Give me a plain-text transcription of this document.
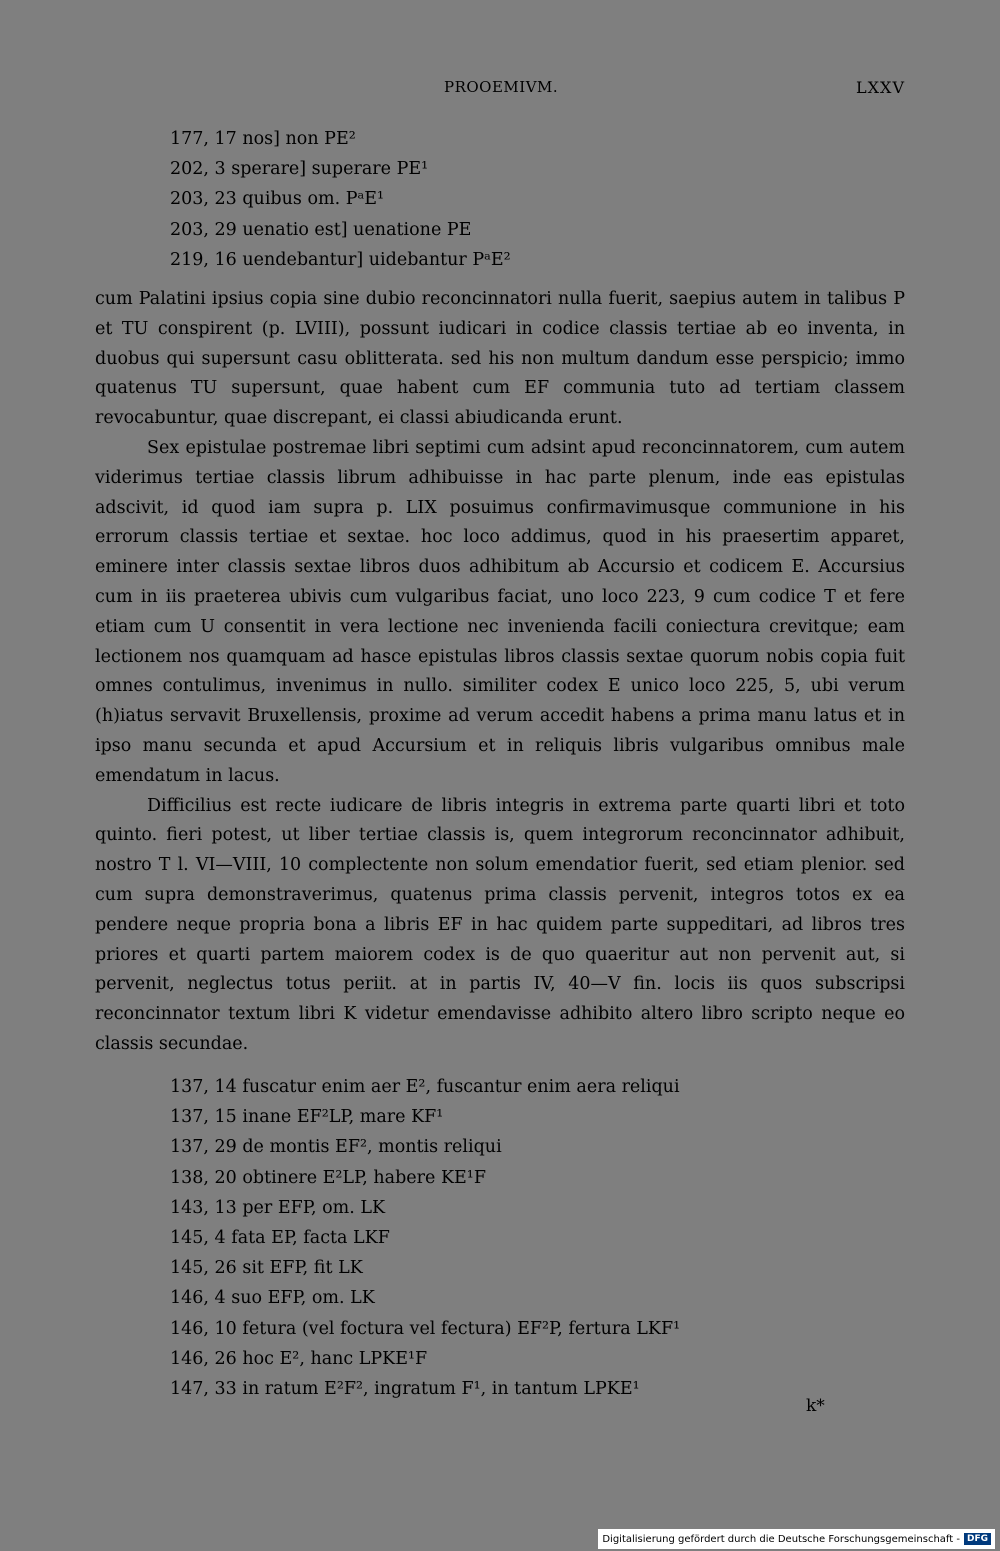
PROOEMIVM.	LXXV
177, 17 nos] non PE²
202, 3 sperare] superare PE¹
203, 23 quibus om. PᵃE¹
203, 29 uenatio est] uenatione PE
219, 16 uendebantur] uidebantur PᵃE²

cum Palatini ipsius copia sine dubio reconcinnatori nulla fuerit, saepius autem in talibus P et TU conspirent (p. LVIII), possunt iudicari in codice classis tertiae ab eo inventa, in duobus qui supersunt casu oblitterata. sed his non multum dandum esse perspicio; immo quatenus TU supersunt, quae habent cum EF communia tuto ad tertiam classem revocabuntur, quae discrepant, ei classi abiudicanda erunt.

Sex epistulae postremae libri septimi cum adsint apud reconcinnatorem, cum autem viderimus tertiae classis librum adhibuisse in hac parte plenum, inde eas epistulas adscivit, id quod iam supra p. LIX posuimus confirmavimusque communione in his errorum classis tertiae et sextae. hoc loco addimus, quod in his praesertim apparet, eminere inter classis sextae libros duos adhibitum ab Accursio et codicem E. Accursius cum in iis praeterea ubivis cum vulgaribus faciat, uno loco 223, 9 cum codice T et fere etiam cum U consentit in vera lectione nec invenienda facili coniectura crevitque; eam lectionem nos quamquam ad hasce epistulas libros classis sextae quorum nobis copia fuit omnes contulimus, invenimus in nullo. similiter codex E unico loco 225, 5, ubi verum (h)iatus servavit Bruxellensis, proxime ad verum accedit habens a prima manu latus et in ipso manu secunda et apud Accursium et in reliquis libris vulgaribus omnibus male emendatum in lacus.

Difficilius est recte iudicare de libris integris in extrema parte quarti libri et toto quinto. fieri potest, ut liber tertiae classis is, quem integrorum reconcinnator adhibuit, nostro T l. VI—VIII, 10 complectente non solum emendatior fuerit, sed etiam plenior. sed cum supra demonstraverimus, quatenus prima classis pervenit, integros totos ex ea pendere neque propria bona a libris EF in hac quidem parte suppeditari, ad libros tres priores et quarti partem maiorem codex is de quo quaeritur aut non pervenit aut, si pervenit, neglectus totus periit. at in partis IV, 40—V fin. locis iis quos subscripsi reconcinnator textum libri K videtur emendavisse adhibito altero libro scripto neque eo classis secundae.

137, 14 fuscatur enim aer E², fuscantur enim aera reliqui
137, 15 inane EF²LP, mare KF¹
137, 29 de montis EF², montis reliqui
138, 20 obtinere E²LP, habere KE¹F
143, 13 per EFP, om. LK
145, 4 fata EP, facta LKF
145, 26 sit EFP, fit LK
146, 4 suo EFP, om. LK
146, 10 fetura (vel foctura vel fectura) EF²P, fertura LKF¹
146, 26 hoc E², hanc LPKE¹F
147, 33 in ratum E²F², ingratum F¹, in tantum LPKE¹
k*
Digitalisierung gefördert durch die Deutsche Forschungsgemeinschaft - DFG
